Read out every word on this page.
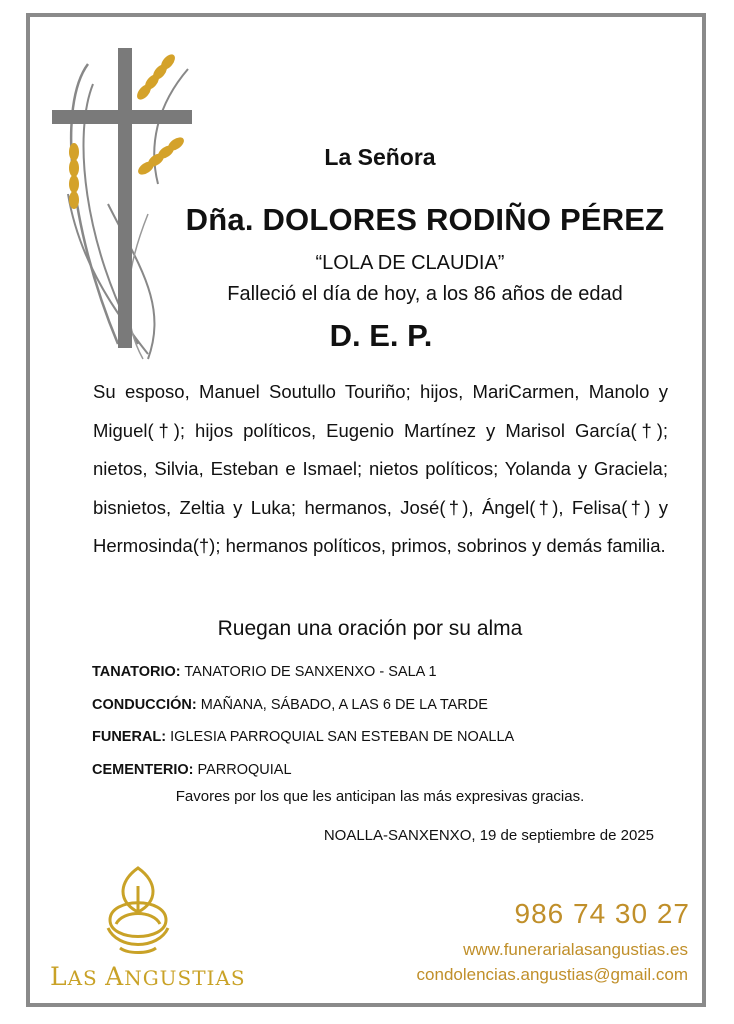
La Señora
Dña. DOLORES RODIÑO PÉREZ
“LOLA DE CLAUDIA”
Falleció el día de hoy, a los 86 años de edad
D. E. P.
Su esposo, Manuel Soutullo Touriño; hijos, MariCarmen, Manolo y Miguel(†); hijos políticos, Eugenio Martínez y Marisol García(†); nietos, Silvia, Esteban e Ismael; nietos políticos; Yolanda y Graciela; bisnietos, Zeltia y Luka; hermanos, José(†), Ángel(†), Felisa(†) y Hermosinda(†); hermanos políticos, primos, sobrinos y demás familia.
Ruegan una oración por su alma
TANATORIO: TANATORIO DE SANXENXO - SALA 1
CONDUCCIÓN: MAÑANA, SÁBADO, A LAS 6 DE LA TARDE
FUNERAL: IGLESIA PARROQUIAL SAN ESTEBAN DE NOALLA
CEMENTERIO: PARROQUIAL
Favores por los que les anticipan las más expresivas gracias.
NOALLA-SANXENXO, 19 de septiembre de 2025
LAS ANGUSTIAS
986 74 30 27
www.funerarialasangustias.es
condolencias.angustias@gmail.com
